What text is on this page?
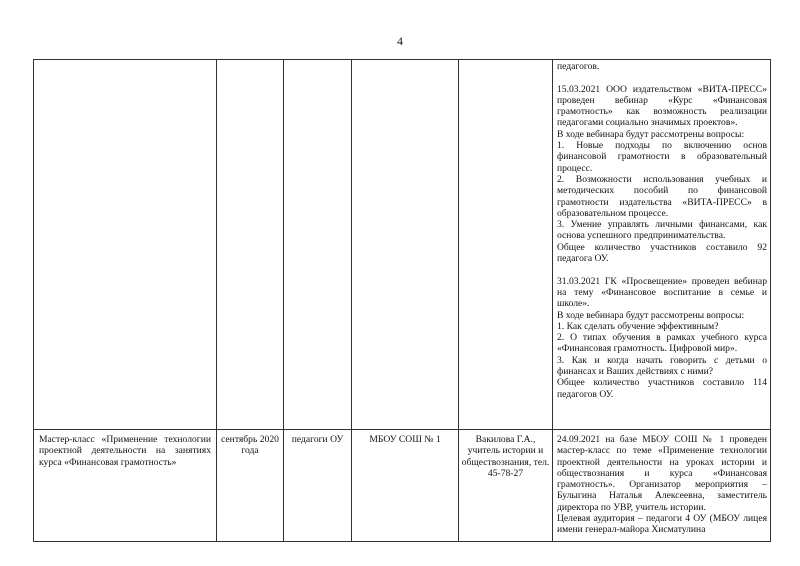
4

педагогов.

15.03.2021 ООО издательством «ВИТА-ПРЕСС» проведен вебинар «Курс «Финансовая грамотность» как возможность реализации педагогами социально значимых проектов».

В ходе вебинара будут рассмотрены вопросы:

1. Новые подходы по включению основ финансовой грамотности в образовательный процесс.

2. Возможности использования учебных и методических пособий по финансовой грамотности издательства «ВИТА-ПРЕСС» в образовательном процессе.

3. Умение управлять личными финансами, как основа успешного предпринимательства.

Общее количество участников составило 92 педагога ОУ.

31.03.2021 ГК «Просвещение» проведен вебинар на тему «Финансовое воспитание в семье и школе».

В ходе вебинара будут рассмотрены вопросы:

1. Как сделать обучение эффективным?

2. О типах обучения в рамках учебного курса «Финансовая грамотность. Цифровой мир».

3. Как и когда начать говорить с детьми о финансах и Ваших действиях с ними?

Общее количество участников составило 114 педагогов ОУ.

Мастер-класс «Применение технологии проектной деятельности на занятиях курса «Финансовая грамотность»
сентябрь 2020 года
педагоги ОУ	МБОУ СОШ № 1	Вакилова Г.А., учитель истории и обществознания, тел. 45-78-27

24.09.2021 на базе МБОУ СОШ № 1 проведен мастер-класс по теме «Применение технологии проектной деятельности на уроках истории и обществознания и курса «Финансовая грамотность». Организатор мероприятия – Булыгина Наталья Алексеевна, заместитель директора по УВР, учитель истории.

Целевая аудитория – педагоги 4 ОУ (МБОУ лицея имени генерал-майора Хисматулина
